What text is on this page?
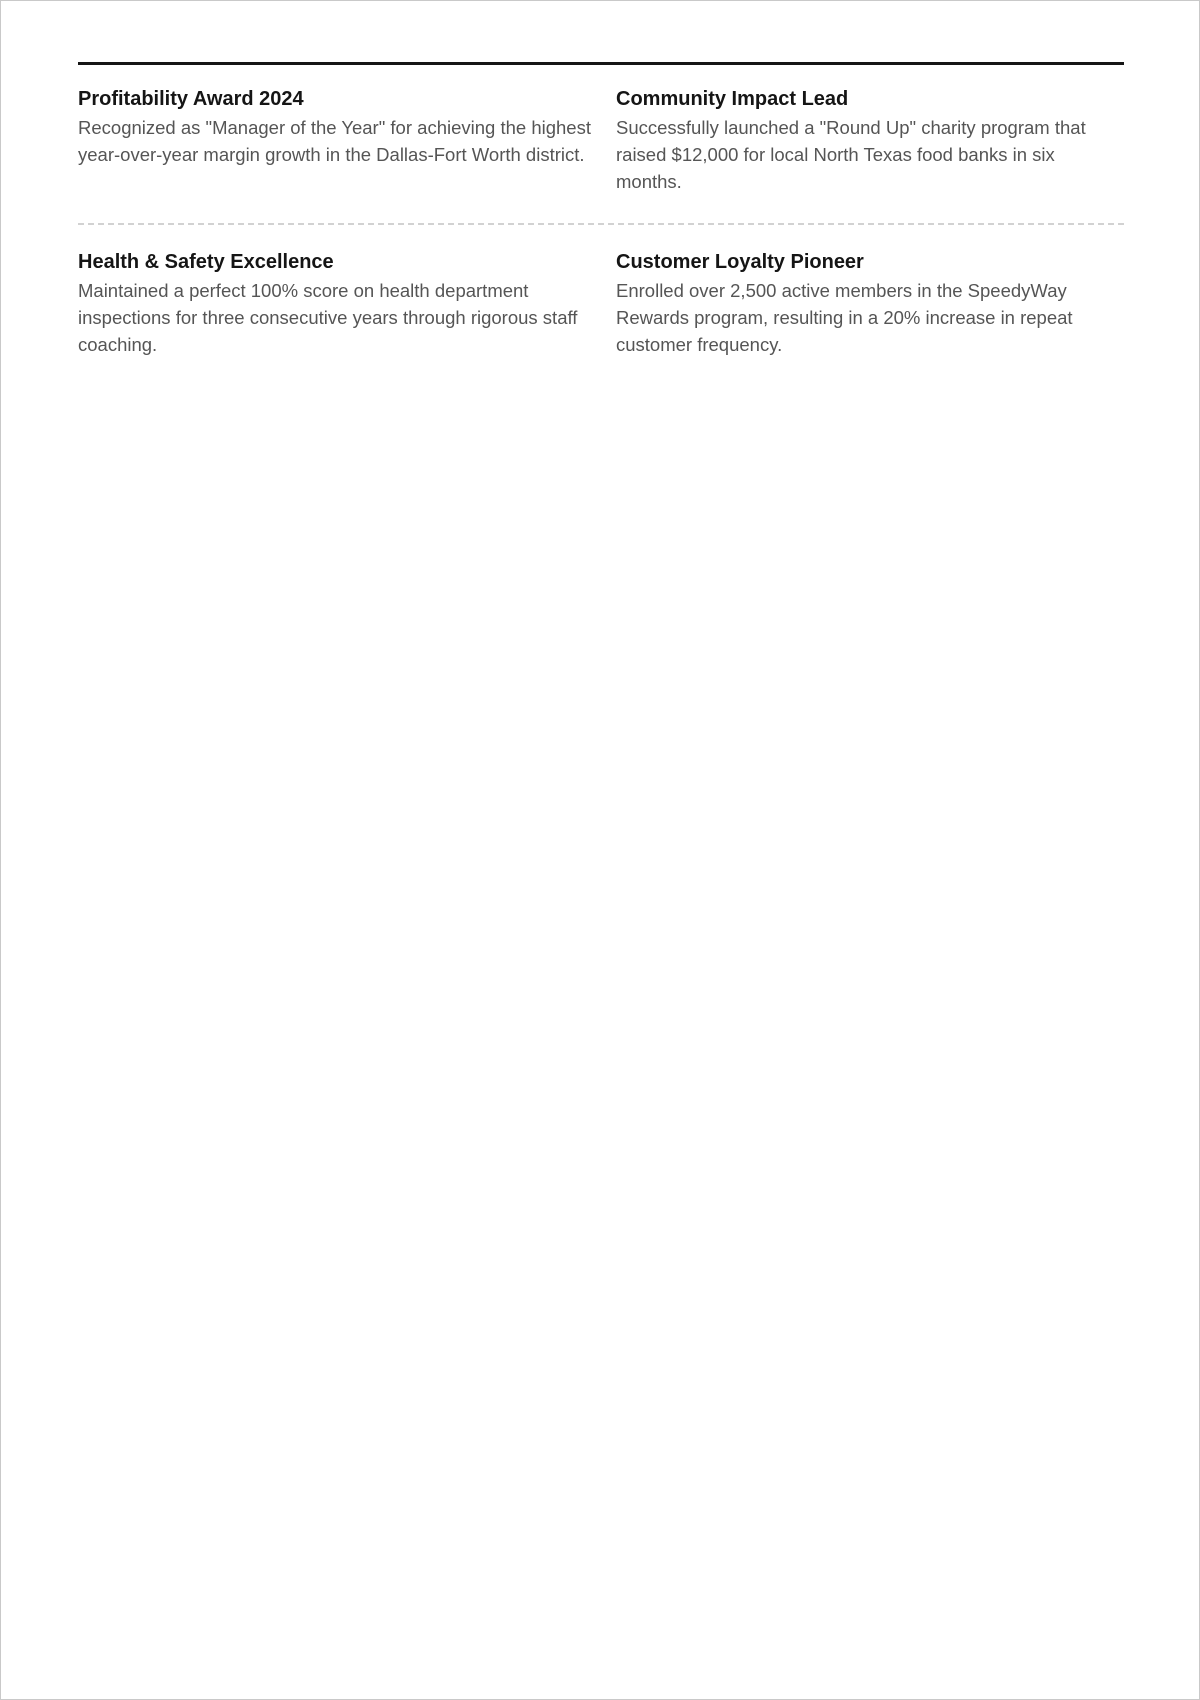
Profitability Award 2024

Recognized as "Manager of the Year" for achieving the highest year-over-year margin growth in the Dallas-Fort Worth district.

Community Impact Lead

Successfully launched a "Round Up" charity program that raised $12,000 for local North Texas food banks in six months.

Health & Safety Excellence

Maintained a perfect 100% score on health department inspections for three consecutive years through rigorous staff coaching.

Customer Loyalty Pioneer

Enrolled over 2,500 active members in the SpeedyWay Rewards program, resulting in a 20% increase in repeat customer frequency.
